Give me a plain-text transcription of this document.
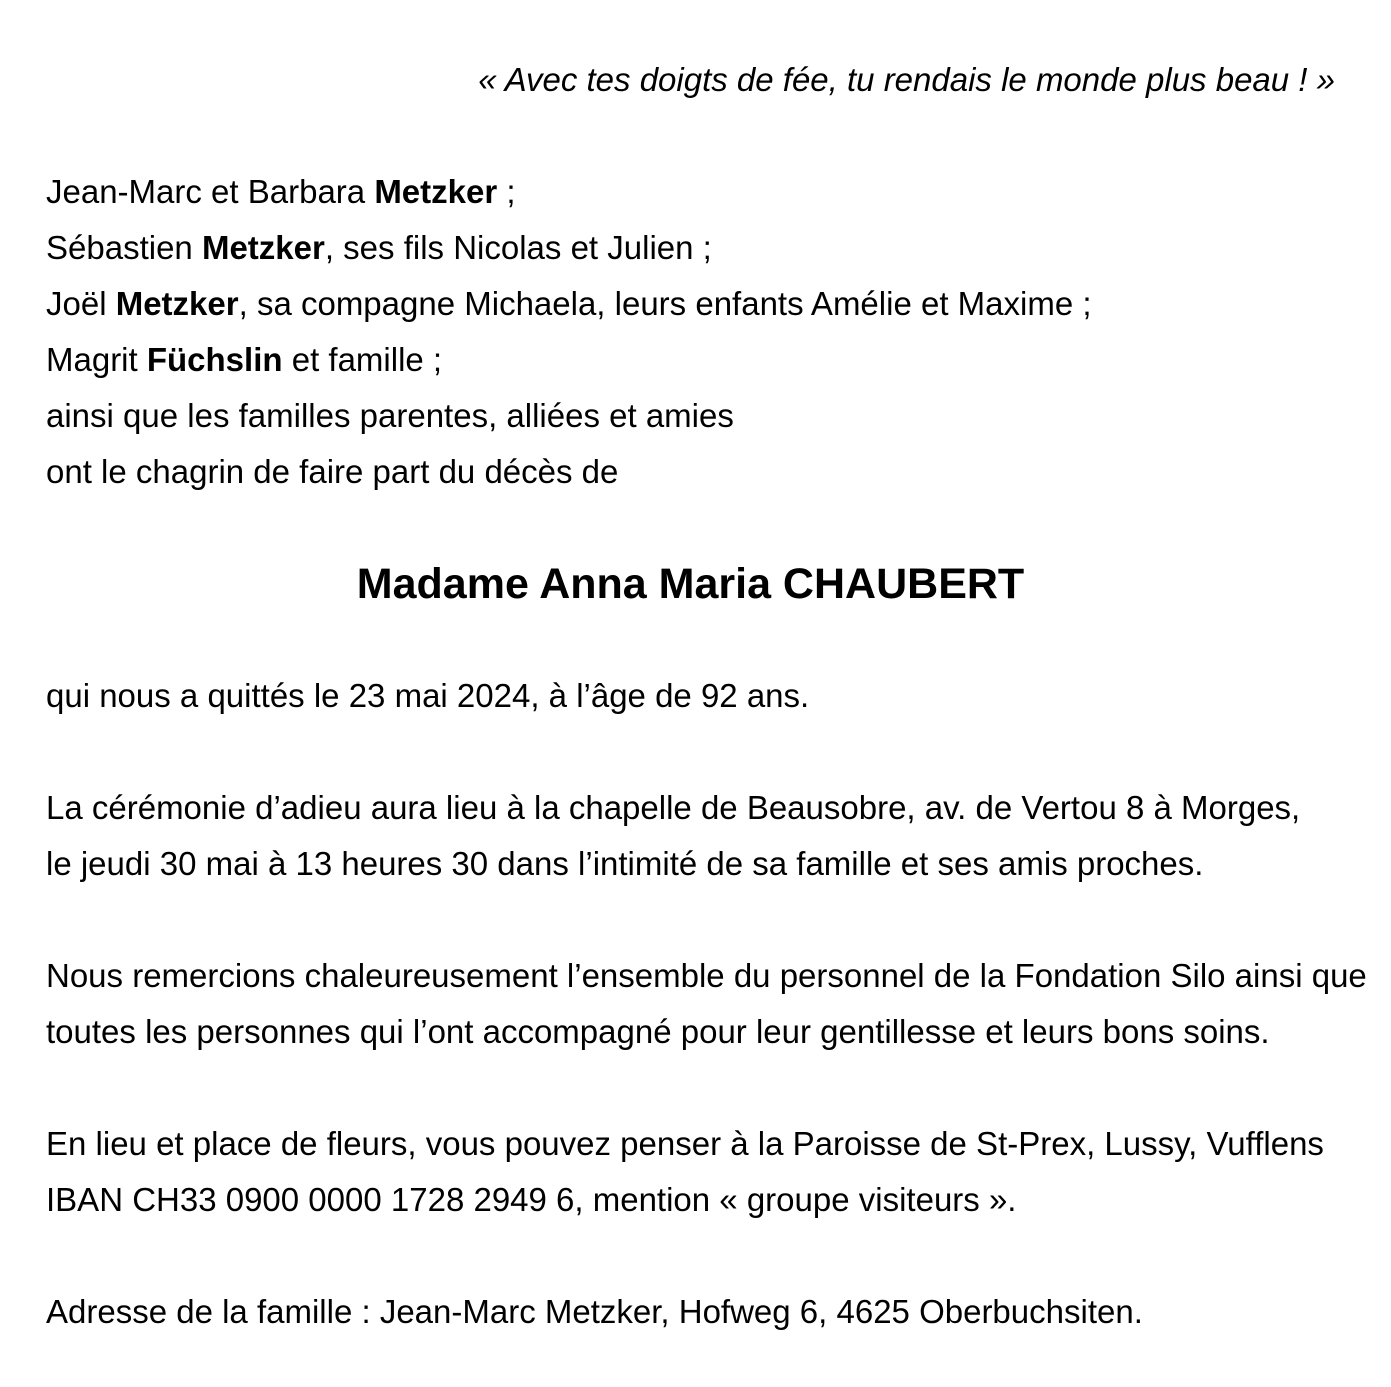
« Avec tes doigts de fée, tu rendais le monde plus beau ! »

Jean-Marc et Barbara Metzker ;
Sébastien Metzker, ses fils Nicolas et Julien ;
Joël Metzker, sa compagne Michaela, leurs enfants Amélie et Maxime ;
Magrit Füchslin et famille ;
ainsi que les familles parentes, alliées et amies
ont le chagrin de faire part du décès de
Madame Anna Maria CHAUBERT

qui nous a quittés le 23 mai 2024, à l’âge de 92 ans.

La cérémonie d’adieu aura lieu à la chapelle de Beausobre, av. de Vertou 8 à Morges,
le jeudi 30 mai à 13 heures 30 dans l’intimité de sa famille et ses amis proches.
Nous remercions chaleureusement l’ensemble du personnel de la Fondation Silo ainsi que
toutes les personnes qui l’ont accompagné pour leur gentillesse et leurs bons soins.
En lieu et place de fleurs, vous pouvez penser à la Paroisse de St-Prex, Lussy, Vufflens
IBAN CH33 0900 0000 1728 2949 6, mention « groupe visiteurs ».

Adresse de la famille : Jean-Marc Metzker, Hofweg 6, 4625 Oberbuchsiten.
